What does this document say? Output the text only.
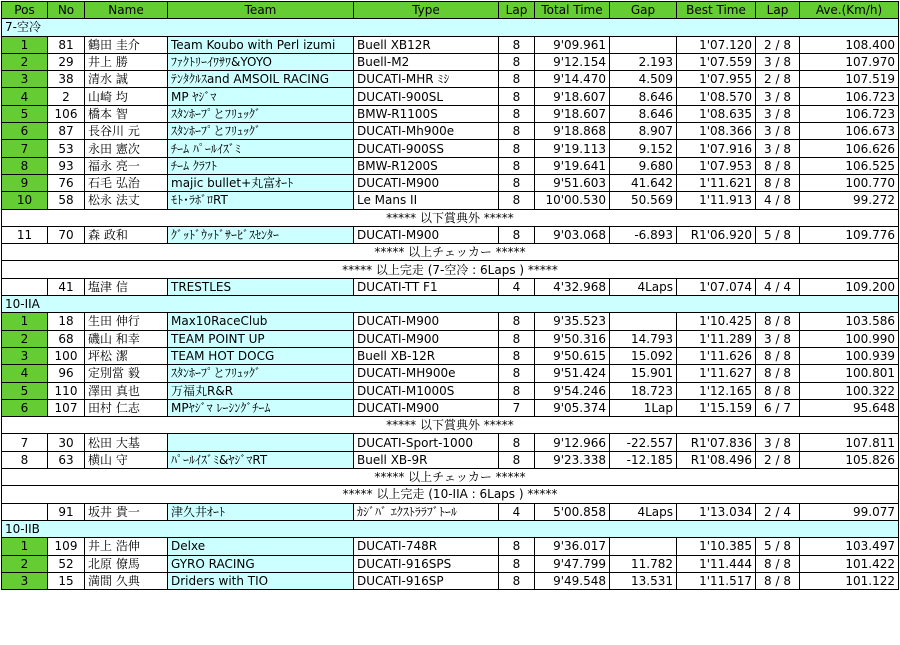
Pos	No	Name	Team	Type	Lap	Total Time	Gap	Best Time	Lap	Ave.(Km/h)
7-空冷										
1	81	鶴田 圭介	Team Koubo with Perl izumi	Buell XB12R	8	9'09.961		1'07.120	2 / 8	108.400
2	29	井上 勝	ﾌｧｸﾄﾘｰｲﾜｻﾜ&YOYO	Buell-M2	8	9'12.154	2.193	1'07.559	3 / 8	107.970
3	38	清水 誠	ﾃﾝﾀｸﾙｽand AMSOIL RACING	DUCATI-MHR ﾐｼ	8	9'14.470	4.509	1'07.955	2 / 8	107.519
4	2	山崎 均	MP ﾔｼﾞﾏ	DUCATI-900SL	8	9'18.607	8.646	1'08.570	3 / 8	106.723
5	106	橋本 智	ｽﾀﾝﾎｰﾌﾟとﾌﾘｭｯｸﾞ	BMW-R1100S	8	9'18.607	8.646	1'08.635	3 / 8	106.723
6	87	長谷川 元	ｽﾀﾝﾎｰﾌﾟとﾌﾘｭｯｸﾞ	DUCATI-Mh900e	8	9'18.868	8.907	1'08.366	3 / 8	106.673
7	53	永田 憲次	ﾁｰﾑ ﾊﾟｰﾙｲｽﾞﾐ	DUCATI-900SS	8	9'19.113	9.152	1'07.916	3 / 8	106.626
8	93	福永 亮一	ﾁｰﾑ ｸﾗﾌﾄ	BMW-R1200S	8	9'19.641	9.680	1'07.953	8 / 8	106.525
9	76	石毛 弘治	majic bullet+丸富ｵｰﾄ	DUCATI-M900	8	9'51.603	41.642	1'11.621	8 / 8	100.770
10	58	松永 法丈	ﾓﾄ･ﾗﾎﾞﾛRT	Le Mans II	8	10'00.530	50.569	1'11.913	4 / 8	99.272
***** 以下賞典外 *****										
11	70	森 政和	ｸﾞｯﾄﾞｳｯﾄﾞｻｰﾋﾞｽｾﾝﾀｰ	DUCATI-M900	8	9'03.068	-6.893	R1'06.920	5 / 8	109.776
***** 以上チェッカー *****										
***** 以上完走 (7-空冷 : 6Laps ) *****										
	41	塩津 信	TRESTLES	DUCATI-TT F1	4	4'32.968	4Laps	1'07.074	4 / 4	109.200
10-IIA										
1	18	生田 伸行	Max10RaceClub	DUCATI-M900	8	9'35.523		1'10.425	8 / 8	103.586
2	68	磯山 和幸	TEAM POINT UP	DUCATI-M900	8	9'50.316	14.793	1'11.289	3 / 8	100.990
3	100	坪松 潔	TEAM HOT DOCG	Buell XB-12R	8	9'50.615	15.092	1'11.626	8 / 8	100.939
4	96	定別當 毅	ｽﾀﾝﾎｰﾌﾟとﾌﾘｭｯｸﾞ	DUCATI-MH900e	8	9'51.424	15.901	1'11.627	8 / 8	100.801
5	110	澤田 真也	万福丸R&R	DUCATI-M1000S	8	9'54.246	18.723	1'12.165	8 / 8	100.322
6	107	田村 仁志	MPﾔｼﾞﾏ ﾚｰｼﾝｸﾞﾁｰﾑ	DUCATI-M900	7	9'05.374	1Lap	1'15.159	6 / 7	95.648
***** 以下賞典外 *****										
7	30	松田 大基		DUCATI-Sport-1000	8	9'12.966	-22.557	R1'07.836	3 / 8	107.811
8	63	横山 守	ﾊﾟｰﾙｲｽﾞﾐ&ﾔｼﾞﾏRT	Buell XB-9R	8	9'23.338	-12.185	R1'08.496	2 / 8	105.826
***** 以上チェッカー *****										
***** 以上完走 (10-IIA : 6Laps ) *****										
	91	坂井 貴一	津久井ｵｰﾄ	ｶｼﾞﾊﾞ ｴｸｽﾄﾗﾗﾌﾞﾄｰﾙ	4	5'00.858	4Laps	1'13.034	2 / 4	99.077
10-IIB										
1	109	井上 浩伸	Delxe	DUCATI-748R	8	9'36.017		1'10.385	5 / 8	103.497
2	52	北原 僚馬	GYRO RACING	DUCATI-916SPS	8	9'47.799	11.782	1'11.444	8 / 8	101.422
3	15	満間 久典	Driders with TIO	DUCATI-916SP	8	9'49.548	13.531	1'11.517	8 / 8	101.122
